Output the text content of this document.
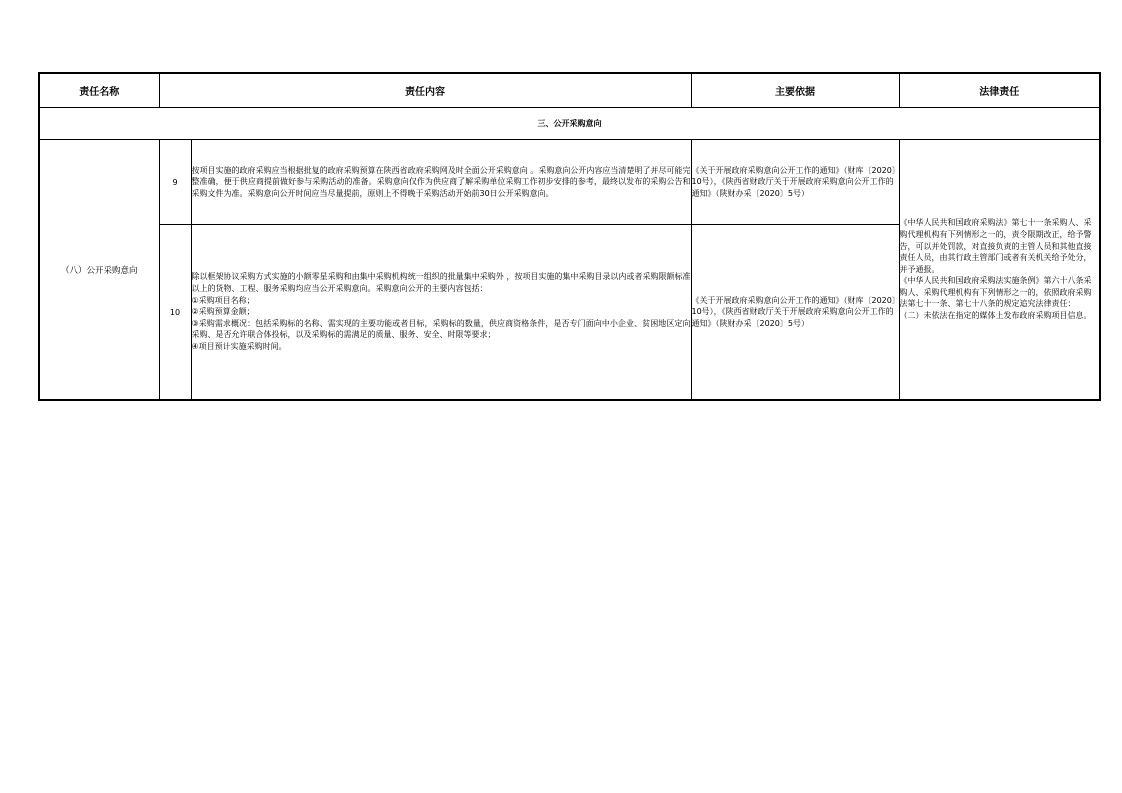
责任名称	责任内容		主要依据	法律责任
三、公开采购意向				
（八）公开采购意向	9	按项目实施的政府采购应当根据批复的政府采购预算在陕西省政府采购网及时全面公开采购意向 。采购意向公开内容应当清楚明了并尽可能完整准确，便于供应商提前做好参与采购活动的准备。采购意向仅作为供应商了解采购单位采购工作初步安排的参考，最终以发布的采购公告和采购文件为准。采购意向公开时间应当尽量提前，原则上不得晚于采购活动开始前30日公开采购意向。	《关于开展政府采购意向公开工作的通知》（财库〔2020〕10号），《陕西省财政厅关于开展政府采购意向公开工作的通知》（陕财办采〔2020〕5号）	《中华人民共和国政府采购法》第七十一条采购人、采购代理机构有下列情形之一的，责令限期改正，给予警告，可以并处罚款，对直接负责的主管人员和其他直接责任人员，由其行政主管部门或者有关机关给予处分，并予通报。
《中华人民共和国政府采购法实施条例》第六十八条采购人、采购代理机构有下列情形之一的，依照政府采购法第七十一条、第七十八条的规定追究法律责任：
（二）未依法在指定的媒体上发布政府采购项目信息。
	10	除以框架协议采购方式实施的小额零星采购和由集中采购机构统一组织的批量集中采购外 ，按项目实施的集中采购目录以内或者采购限额标准以上的货物、工程、服务采购均应当公开采购意向。采购意向公开的主要内容包括：
①采购项目名称；
②采购预算金额；
③采购需求概况：包括采购标的名称、需实现的主要功能或者目标，采购标的数量，供应商资格条件，是否专门面向中小企业、贫困地区定向采购、是否允许联合体投标，以及采购标的需满足的质量、服务、安全、时限等要求；
④项目预计实施采购时间。	《关于开展政府采购意向公开工作的通知》（财库〔2020〕10号），《陕西省财政厅关于开展政府采购意向公开工作的通知》（陕财办采〔2020〕5号）	
